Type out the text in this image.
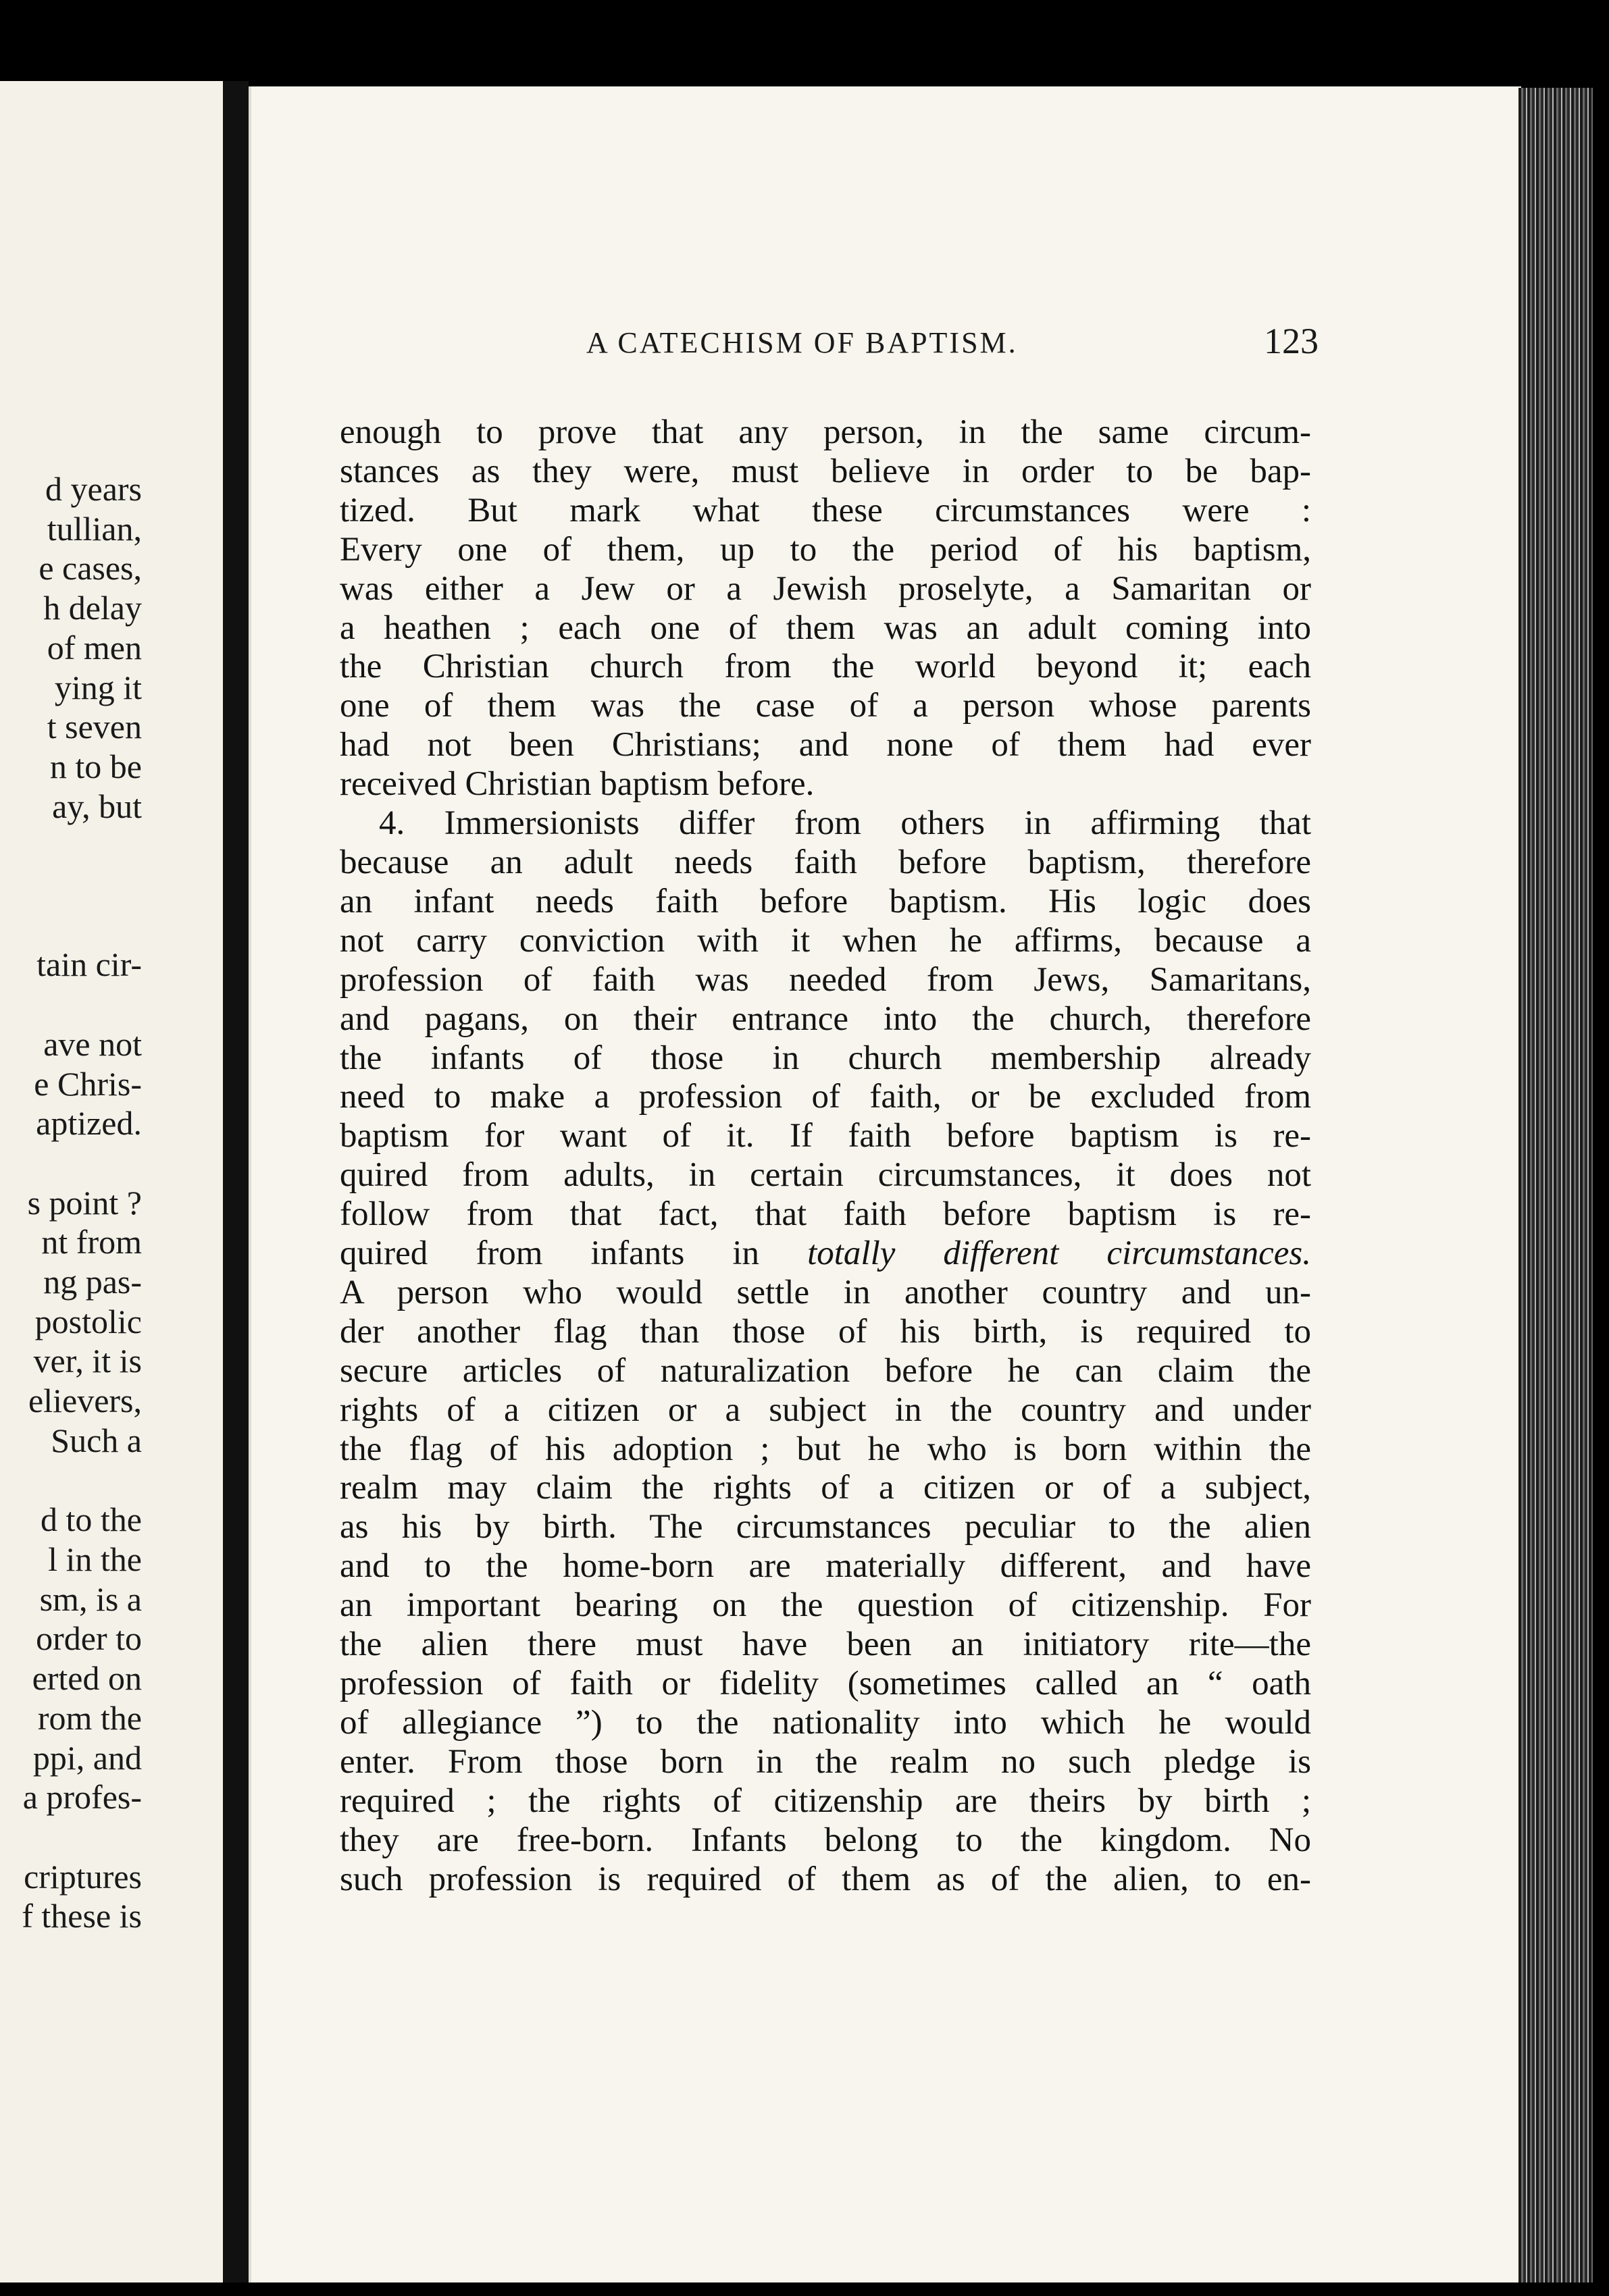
d years
tullian,
e cases,
h delay
of men
ying it
t seven
n to be
ay, but

tain cir-

ave not
e Chris-
aptized.

s point ?
nt from
ng pas-
postolic
ver, it is
elievers,
Such a

d to the
l in the
sm, is a
order to
erted on
rom the
ppi, and
a profes-

criptures
f these is
A CATECHISM OF BAPTISM.	123
enough to prove that any person, in the same circum-
stances as they were, must believe in order to be bap-
tized. But mark what these circumstances were :
Every one of them, up to the period of his baptism,
was either a Jew or a Jewish proselyte, a Samaritan or
a heathen ; each one of them was an adult coming into
the Christian church from the world beyond it; each
one of them was the case of a person whose parents
had not been Christians; and none of them had ever
received Christian baptism before.
4. Immersionists differ from others in affirming that
because an adult needs faith before baptism, therefore
an infant needs faith before baptism. His logic does
not carry conviction with it when he affirms, because a
profession of faith was needed from Jews, Samaritans,
and pagans, on their entrance into the church, therefore
the infants of those in church membership already
need to make a profession of faith, or be excluded from
baptism for want of it. If faith before baptism is re-
quired from adults, in certain circumstances, it does not
follow from that fact, that faith before baptism is re-
quired from infants in totally different circumstances.
A person who would settle in another country and un-
der another flag than those of his birth, is required to
secure articles of naturalization before he can claim the
rights of a citizen or a subject in the country and under
the flag of his adoption ; but he who is born within the
realm may claim the rights of a citizen or of a subject,
as his by birth. The circumstances peculiar to the alien
and to the home-born are materially different, and have
an important bearing on the question of citizenship. For
the alien there must have been an initiatory rite—the
profession of faith or fidelity (sometimes called an “ oath
of allegiance ”) to the nationality into which he would
enter. From those born in the realm no such pledge is
required ; the rights of citizenship are theirs by birth ;
they are free-born. Infants belong to the kingdom. No
such profession is required of them as of the alien, to en-
